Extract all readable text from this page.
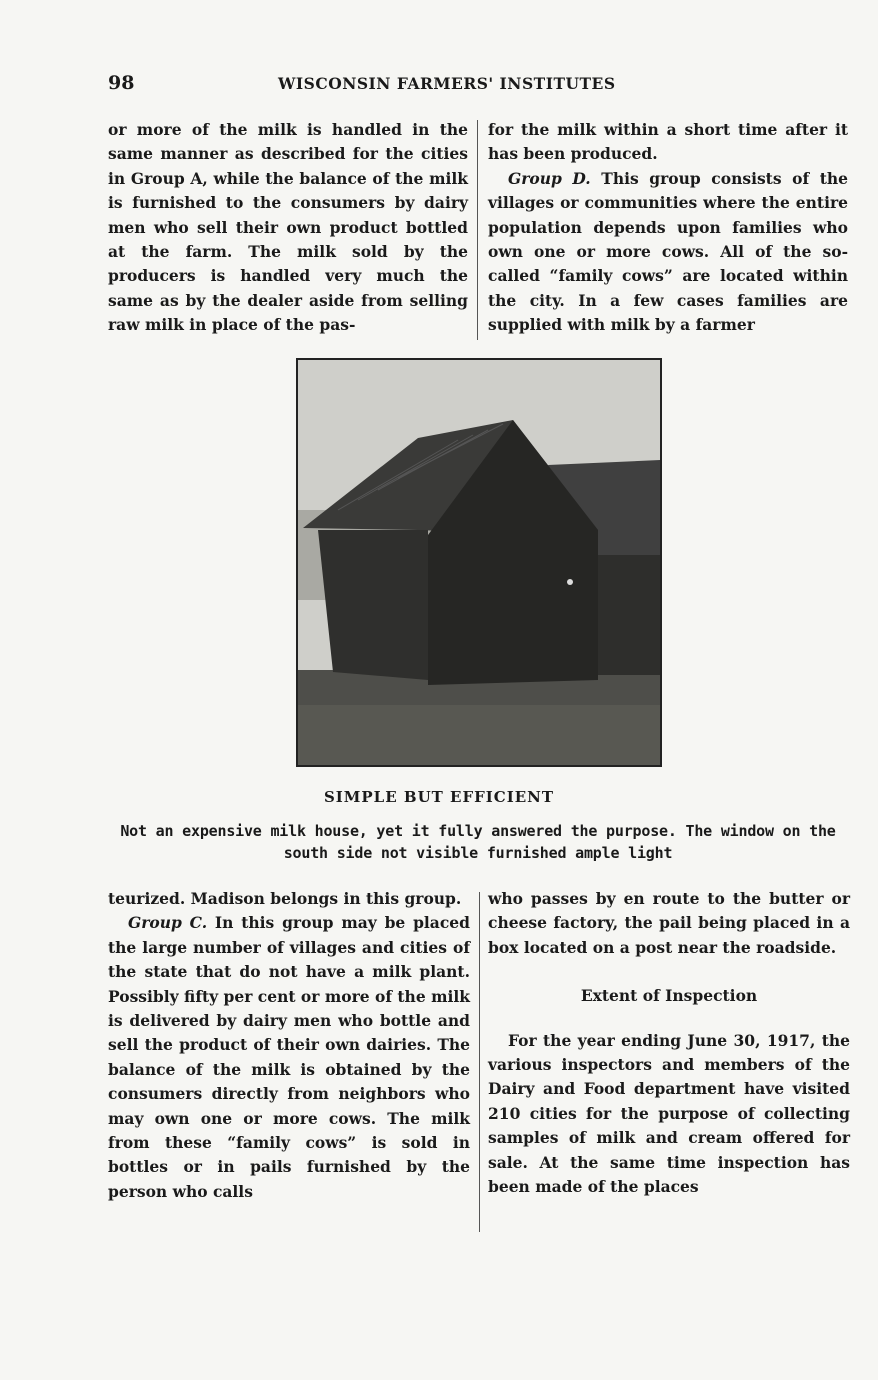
98	WISCONSIN FARMERS' INSTITUTES

or more of the milk is handled in the same manner as described for the cities in Group A, while the balance of the milk is furnished to the consumers by dairy men who sell their own product bottled at the farm. The milk sold by the producers is handled very much the same as by the dealer aside from selling raw milk in place of the pas-

for the milk within a short time after it has been produced.

Group D. This group consists of the villages or communities where the entire population depends upon families who own one or more cows. All of the so-called “family cows” are located within the city. In a few cases families are supplied with milk by a farmer

SIMPLE BUT EFFICIENT
Not an expensive milk house, yet it fully answered the purpose. The window on the south side not visible furnished ample light

teurized. Madison belongs in this group.

Group C. In this group may be placed the large number of villages and cities of the state that do not have a milk plant. Possibly fifty per cent or more of the milk is delivered by dairy men who bottle and sell the product of their own dairies. The balance of the milk is obtained by the consumers directly from neighbors who may own one or more cows. The milk from these “family cows” is sold in bottles or in pails furnished by the person who calls

who passes by en route to the butter or cheese factory, the pail being placed in a box located on a post near the roadside.

Extent of Inspection

For the year ending June 30, 1917, the various inspectors and members of the Dairy and Food department have visited 210 cities for the purpose of collecting samples of milk and cream offered for sale. At the same time inspection has been made of the places
